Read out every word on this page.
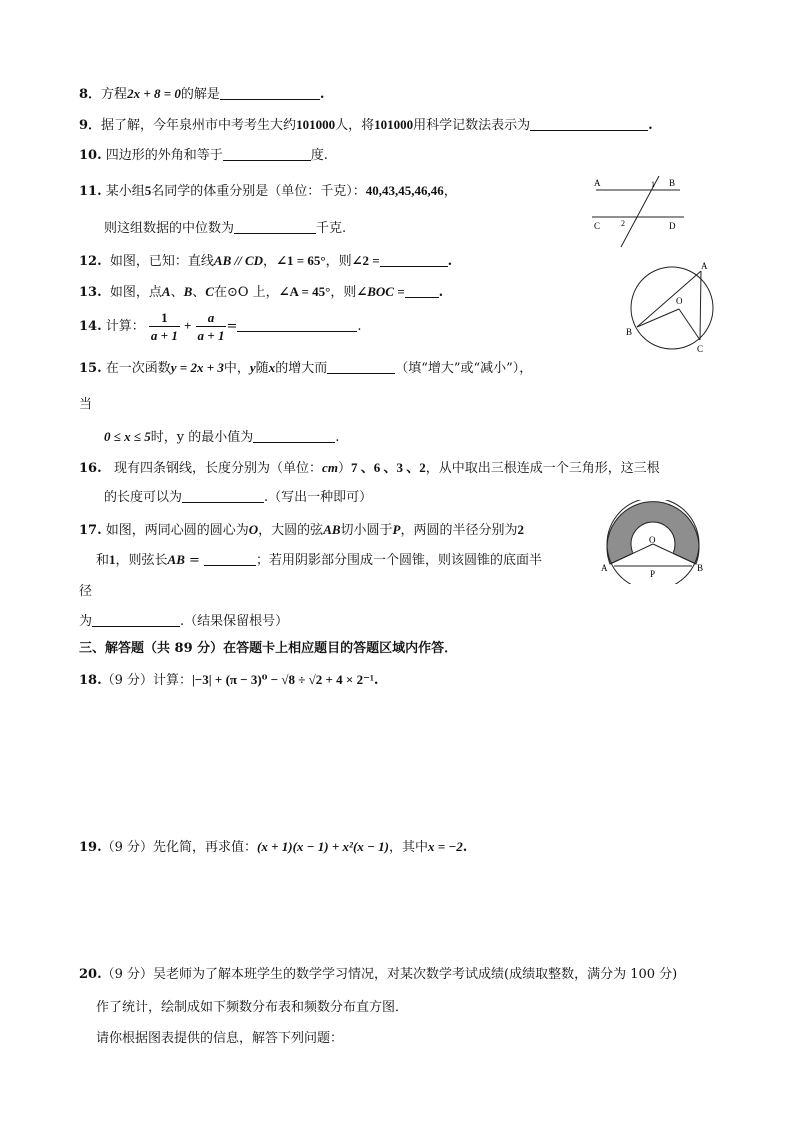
8．方程2x + 8 = 0的解是	.
9．据了解，今年泉州市中考考生大约101000人，将101000用科学记数法表示为	.
10. 四边形的外角和等于	度.
11. 某小组5名同学的体重分别是（单位：千克）：40,43,45,46,46，
则这组数据的中位数为	千克.
12. 如图，已知：直线AB // CD，∠1 = 65°，则∠2 =	.
13. 如图，点A、B、C在⊙O 上，∠A = 45°，则∠BOC =	.
14. 计算： $\frac{1}{a + 1} + \frac{a}{a + 1}$ =	.
15. 在一次函数y = 2x + 3中，y随x的增大而	（填“增大”或“减小”），
当
0 ≤ x ≤ 5时，y 的最小值为	.
16. 现有四条钢线，长度分别为（单位：cm）7 、6 、3 、2，从中取出三根连成一个三角形，这三根
的长度可以为	.（写出一种即可）
17. 如图，两同心圆的圆心为O，大圆的弦AB切小圆于P，两圆的半径分别为2
和1，则弦长AB =	；若用阴影部分围成一个圆锥，则该圆锥的底面半
径
为	.（结果保留根号）
三、解答题（共 89 分）在答题卡上相应题目的答题区域内作答．
18.（9 分）计算：|−3| + (π − 3)⁰ − √8 ÷ √2 + 4 × 2⁻¹.
19.（9 分）先化简，再求值：(x + 1)(x − 1) + x²(x − 1)，其中x = −2.
20.（9 分）吴老师为了解本班学生的数学学习情况，对某次数学考试成绩(成绩取整数，满分为 100 分)
作了统计，绘制成如下频数分布表和频数分布直方图．
请你根据图表提供的信息，解答下列问题：
A	B
C	D
1
2
A
O
B
C
O
A	B
P
